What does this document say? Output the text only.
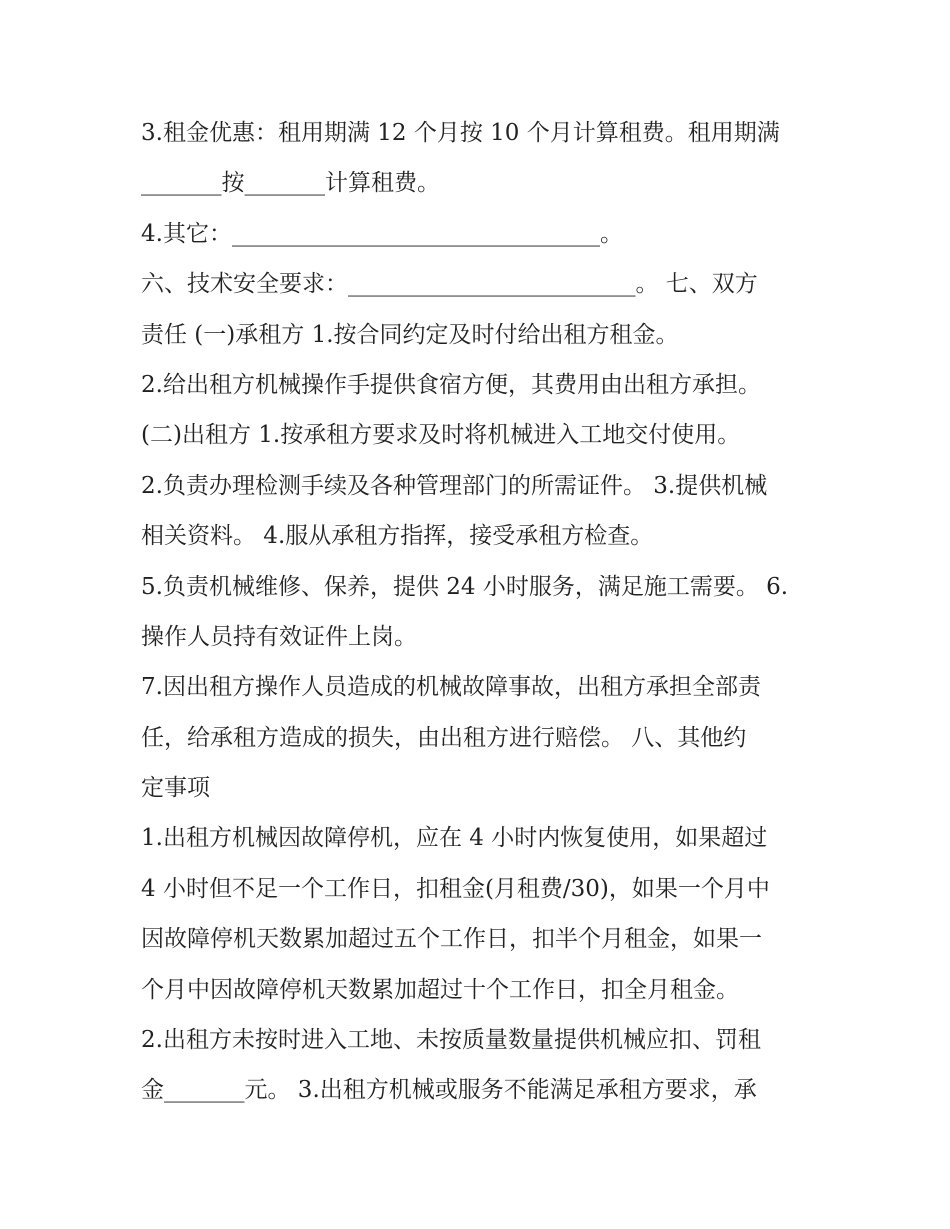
3.租金优惠：租用期满 12 个月按 10 个月计算租费。租用期满
_______按_______计算租费。
4.其它：________________________________。
六、技术安全要求：_________________________。 七、双方
责任 (一)承租方 1.按合同约定及时付给出租方租金。
2.给出租方机械操作手提供食宿方便，其费用由出租方承担。
(二)出租方 1.按承租方要求及时将机械进入工地交付使用。
2.负责办理检测手续及各种管理部门的所需证件。 3.提供机械
相关资料。 4.服从承租方指挥，接受承租方检查。
5.负责机械维修、保养，提供 24 小时服务，满足施工需要。 6.
操作人员持有效证件上岗。
7.因出租方操作人员造成的机械故障事故，出租方承担全部责
任，给承租方造成的损失，由出租方进行赔偿。 八、其他约
定事项
1.出租方机械因故障停机，应在 4 小时内恢复使用，如果超过
4 小时但不足一个工作日，扣租金(月租费/30)，如果一个月中
因故障停机天数累加超过五个工作日，扣半个月租金，如果一
个月中因故障停机天数累加超过十个工作日，扣全月租金。
2.出租方未按时进入工地、未按质量数量提供机械应扣、罚租
金_______元。 3.出租方机械或服务不能满足承租方要求，承
